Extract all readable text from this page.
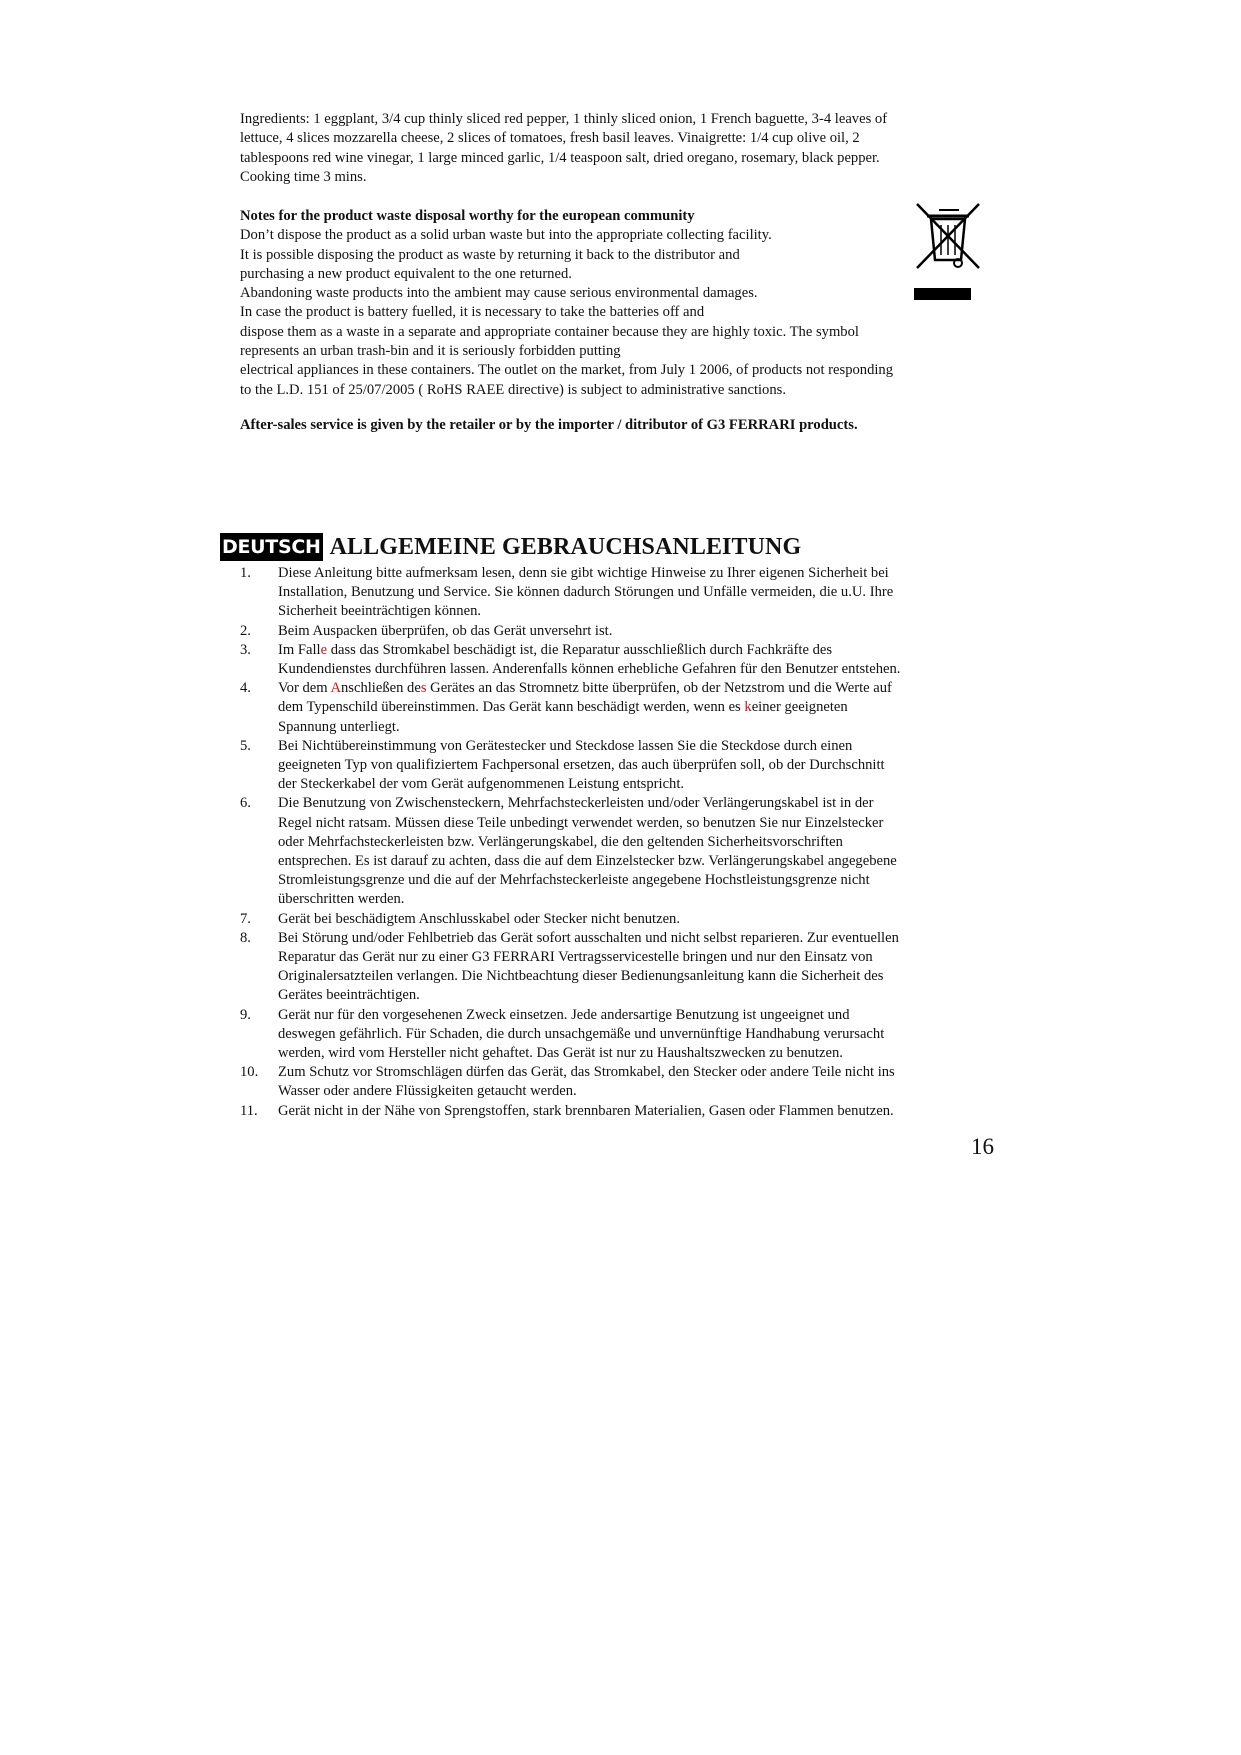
Ingredients: 1 eggplant, 3/4 cup thinly sliced red pepper, 1 thinly sliced onion, 1 French baguette, 3-4 leaves of
lettuce, 4 slices mozzarella cheese, 2 slices of tomatoes, fresh basil leaves. Vinaigrette: 1/4 cup olive oil, 2
tablespoons red wine vinegar, 1 large minced garlic, 1/4 teaspoon salt, dried oregano, rosemary, black pepper.
Cooking time 3 mins.
Notes for the product waste disposal worthy for the european community
Don’t dispose the product as a solid urban waste but into the appropriate collecting facility.
It is possible disposing the product as waste by returning it back to the distributor and
purchasing a new product equivalent to the one returned.
Abandoning waste products into the ambient may cause serious environmental damages.
In case the product is battery fuelled, it is necessary to take the batteries off and
dispose them as a waste in a separate and appropriate container because they are highly toxic. The symbol
represents an urban trash-bin and it is seriously forbidden putting
electrical appliances in these containers. The outlet on the market, from July 1 2006, of products not responding
to the L.D. 151 of 25/07/2005 ( RoHS RAEE directive) is subject to administrative sanctions.
After-sales service is given by the retailer or by the importer / ditributor of G3 FERRARI products.
DEUTSCH ALLGEMEINE GEBRAUCHSANLEITUNG
1.	Diese Anleitung bitte aufmerksam lesen, denn sie gibt wichtige Hinweise zu Ihrer eigenen Sicherheit bei
Installation, Benutzung und Service. Sie können dadurch Störungen und Unfälle vermeiden, die u.U. Ihre
Sicherheit beeinträchtigen können.
2.	Beim Auspacken überprüfen, ob das Gerät unversehrt ist.
3.	Im Falle dass das Stromkabel beschädigt ist, die Reparatur ausschließlich durch Fachkräfte des
Kundendienstes durchführen lassen. Anderenfalls können erhebliche Gefahren für den Benutzer entstehen.
4.	Vor dem Anschließen des Gerätes an das Stromnetz bitte überprüfen, ob der Netzstrom und die Werte auf
dem Typenschild übereinstimmen. Das Gerät kann beschädigt werden, wenn es keiner geeigneten
Spannung unterliegt.
5.	Bei Nichtübereinstimmung von Gerätestecker und Steckdose lassen Sie die Steckdose durch einen
geeigneten Typ von qualifiziertem Fachpersonal ersetzen, das auch überprüfen soll, ob der Durchschnitt
der Steckerkabel der vom Gerät aufgenommenen Leistung entspricht.
6.	Die Benutzung von Zwischensteckern, Mehrfachsteckerleisten und/oder Verlängerungskabel ist in der
Regel nicht ratsam. Müssen diese Teile unbedingt verwendet werden, so benutzen Sie nur Einzelstecker
oder Mehrfachsteckerleisten bzw. Verlängerungskabel, die den geltenden Sicherheitsvorschriften
entsprechen. Es ist darauf zu achten, dass die auf dem Einzelstecker bzw. Verlängerungskabel angegebene
Stromleistungsgrenze und die auf der Mehrfachsteckerleiste angegebene Hochstleistungsgrenze nicht
überschritten werden.
7.	Gerät bei beschädigtem Anschlusskabel oder Stecker nicht benutzen.
8.	Bei Störung und/oder Fehlbetrieb das Gerät sofort ausschalten und nicht selbst reparieren. Zur eventuellen
Reparatur das Gerät nur zu einer G3 FERRARI Vertragsservicestelle bringen und nur den Einsatz von
Originalersatzteilen verlangen. Die Nichtbeachtung dieser Bedienungsanleitung kann die Sicherheit des
Gerätes beeinträchtigen.
9.	Gerät nur für den vorgesehenen Zweck einsetzen. Jede andersartige Benutzung ist ungeeignet und
deswegen gefährlich. Für Schaden, die durch unsachgemäße und unvernünftige Handhabung verursacht
werden, wird vom Hersteller nicht gehaftet. Das Gerät ist nur zu Haushaltszwecken zu benutzen.
10.	Zum Schutz vor Stromschlägen dürfen das Gerät, das Stromkabel, den Stecker oder andere Teile nicht ins
Wasser oder andere Flüssigkeiten getaucht werden.
11.	Gerät nicht in der Nähe von Sprengstoffen, stark brennbaren Materialien, Gasen oder Flammen benutzen.
16
